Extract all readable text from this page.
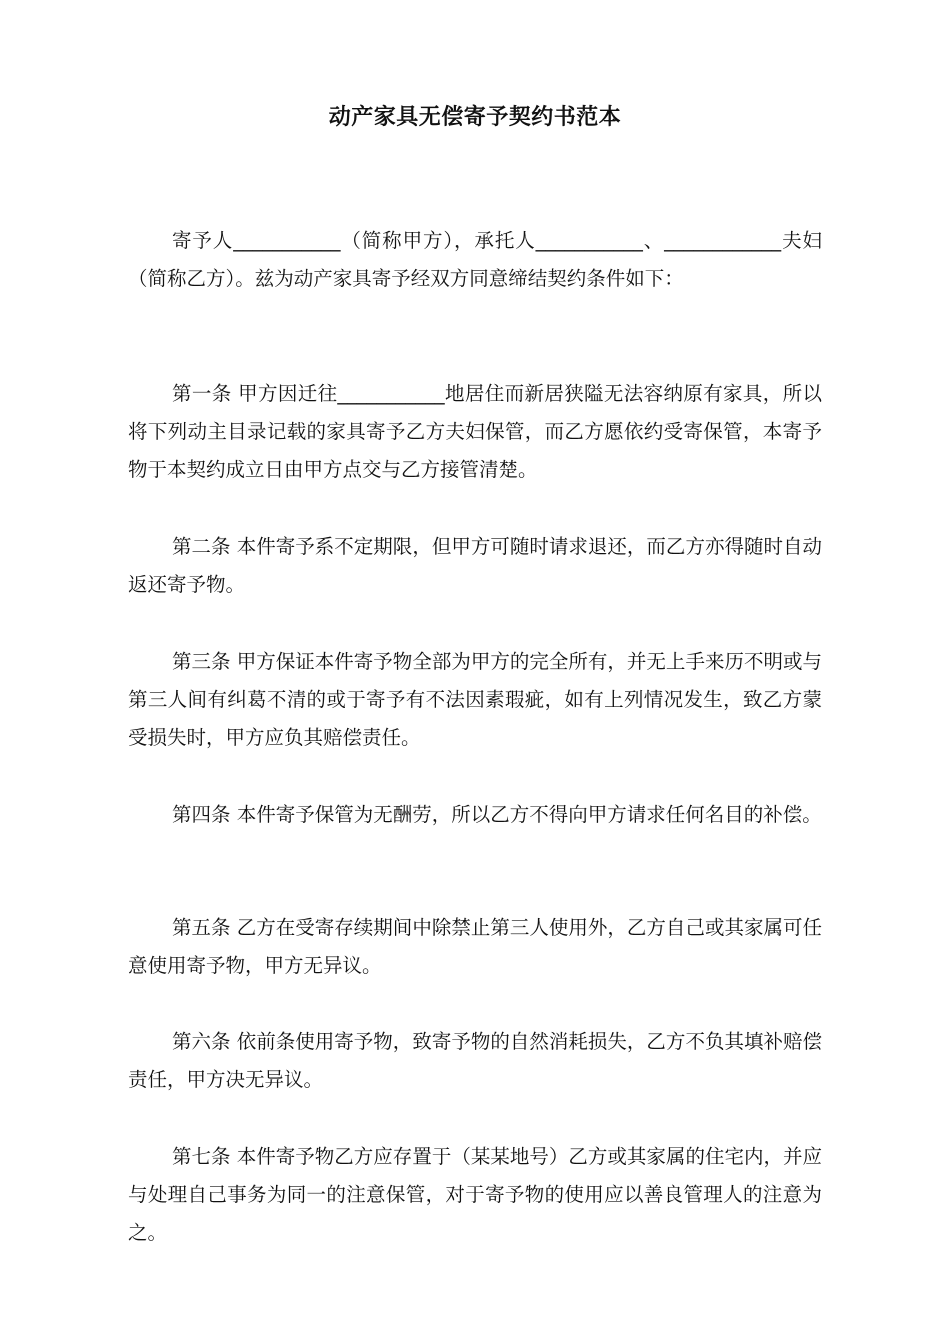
动产家具无偿寄予契约书范本

寄予人___________（简称甲方），承托人___________、____________夫妇（简称乙方）。兹为动产家具寄予经双方同意缔结契约条件如下：

第一条 甲方因迁往___________地居住而新居狭隘无法容纳原有家具，所以将下列动主目录记载的家具寄予乙方夫妇保管，而乙方愿依约受寄保管，本寄予物于本契约成立日由甲方点交与乙方接管清楚。

第二条 本件寄予系不定期限，但甲方可随时请求退还，而乙方亦得随时自动返还寄予物。

第三条 甲方保证本件寄予物全部为甲方的完全所有，并无上手来历不明或与第三人间有纠葛不清的或于寄予有不法因素瑕疵，如有上列情况发生，致乙方蒙受损失时，甲方应负其赔偿责任。

第四条 本件寄予保管为无酬劳，所以乙方不得向甲方请求任何名目的补偿。

第五条 乙方在受寄存续期间中除禁止第三人使用外，乙方自己或其家属可任意使用寄予物，甲方无异议。

第六条 依前条使用寄予物，致寄予物的自然消耗损失，乙方不负其填补赔偿责任，甲方决无异议。

第七条 本件寄予物乙方应存置于（某某地号）乙方或其家属的住宅内，并应与处理自己事务为同一的注意保管，对于寄予物的使用应以善良管理人的注意为之。
